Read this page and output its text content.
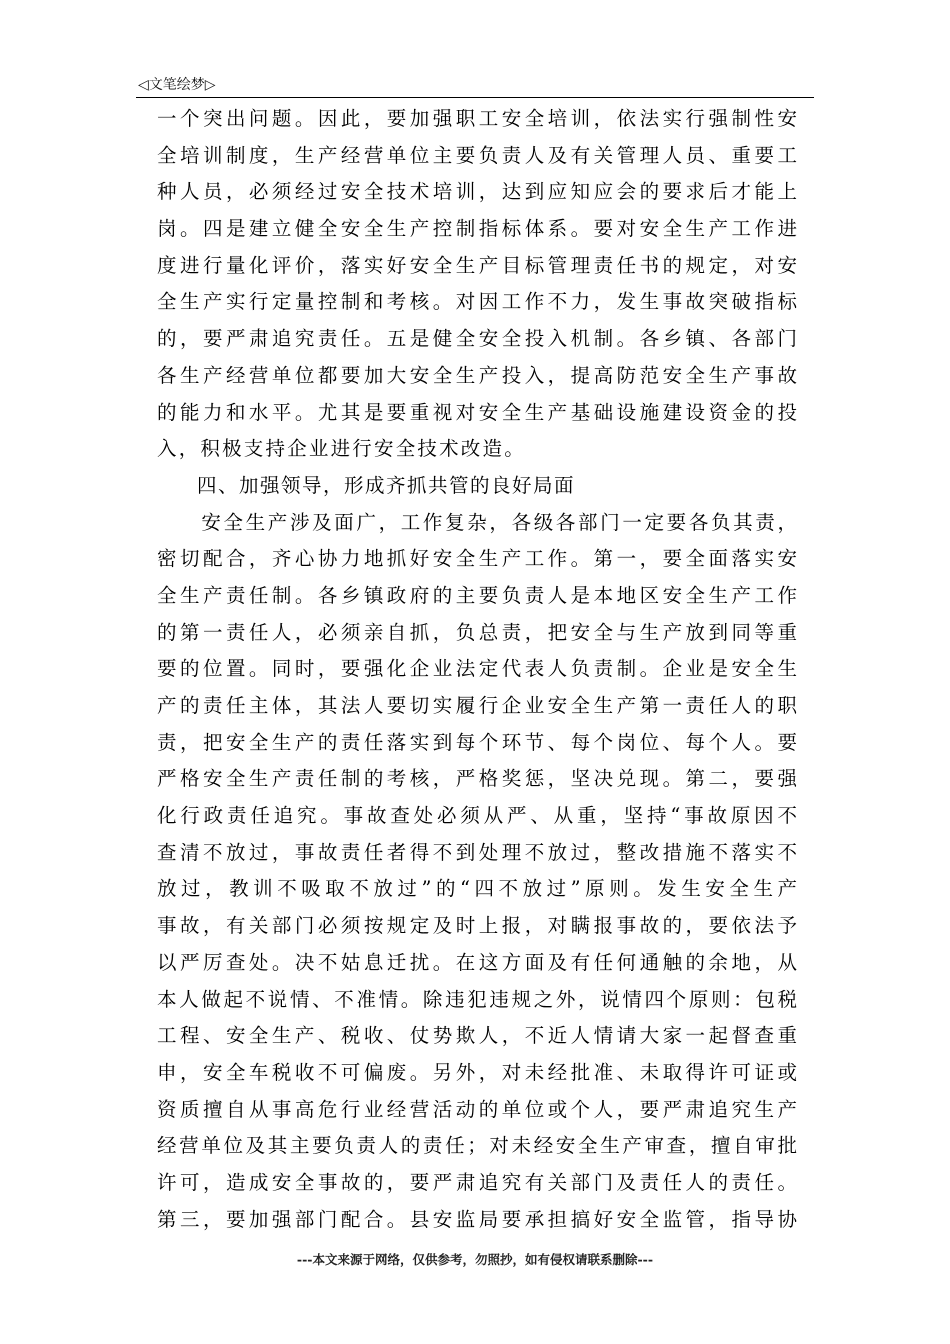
◁文笔绘梦▷
一个突出问题。因此，要加强职工安全培训，依法实行强制性安
全培训制度，生产经营单位主要负责人及有关管理人员、重要工
种人员，必须经过安全技术培训，达到应知应会的要求后才能上
岗。四是建立健全安全生产控制指标体系。要对安全生产工作进
度进行量化评价，落实好安全生产目标管理责任书的规定，对安
全生产实行定量控制和考核。对因工作不力，发生事故突破指标
的，要严肃追究责任。五是健全安全投入机制。各乡镇、各部门
各生产经营单位都要加大安全生产投入，提高防范安全生产事故
的能力和水平。尤其是要重视对安全生产基础设施建设资金的投
入，积极支持企业进行安全技术改造。
四、加强领导，形成齐抓共管的良好局面
　　安全生产涉及面广，工作复杂，各级各部门一定要各负其责，
密切配合，齐心协力地抓好安全生产工作。第一，要全面落实安
全生产责任制。各乡镇政府的主要负责人是本地区安全生产工作
的第一责任人，必须亲自抓，负总责，把安全与生产放到同等重
要的位置。同时，要强化企业法定代表人负责制。企业是安全生
产的责任主体，其法人要切实履行企业安全生产第一责任人的职
责，把安全生产的责任落实到每个环节、每个岗位、每个人。要
严格安全生产责任制的考核，严格奖惩，坚决兑现。第二，要强
化行政责任追究。事故查处必须从严、从重，坚持“事故原因不
查清不放过，事故责任者得不到处理不放过，整改措施不落实不
放过，教训不吸取不放过”的“四不放过”原则。发生安全生产
事故，有关部门必须按规定及时上报，对瞒报事故的，要依法予
以严厉查处。决不姑息迁扰。在这方面及有任何通触的余地，从
本人做起不说情、不准情。除违犯违规之外，说情四个原则：包税
工程、安全生产、税收、仗势欺人，不近人情请大家一起督查重
申，安全车税收不可偏废。另外，对未经批准、未取得许可证或
资质擅自从事高危行业经营活动的单位或个人，要严肃追究生产
经营单位及其主要负责人的责任；对未经安全生产审查，擅自审批
许可，造成安全事故的，要严肃追究有关部门及责任人的责任。
第三，要加强部门配合。县安监局要承担搞好安全监管，指导协
---本文来源于网络，仅供参考，勿照抄，如有侵权请联系删除---
